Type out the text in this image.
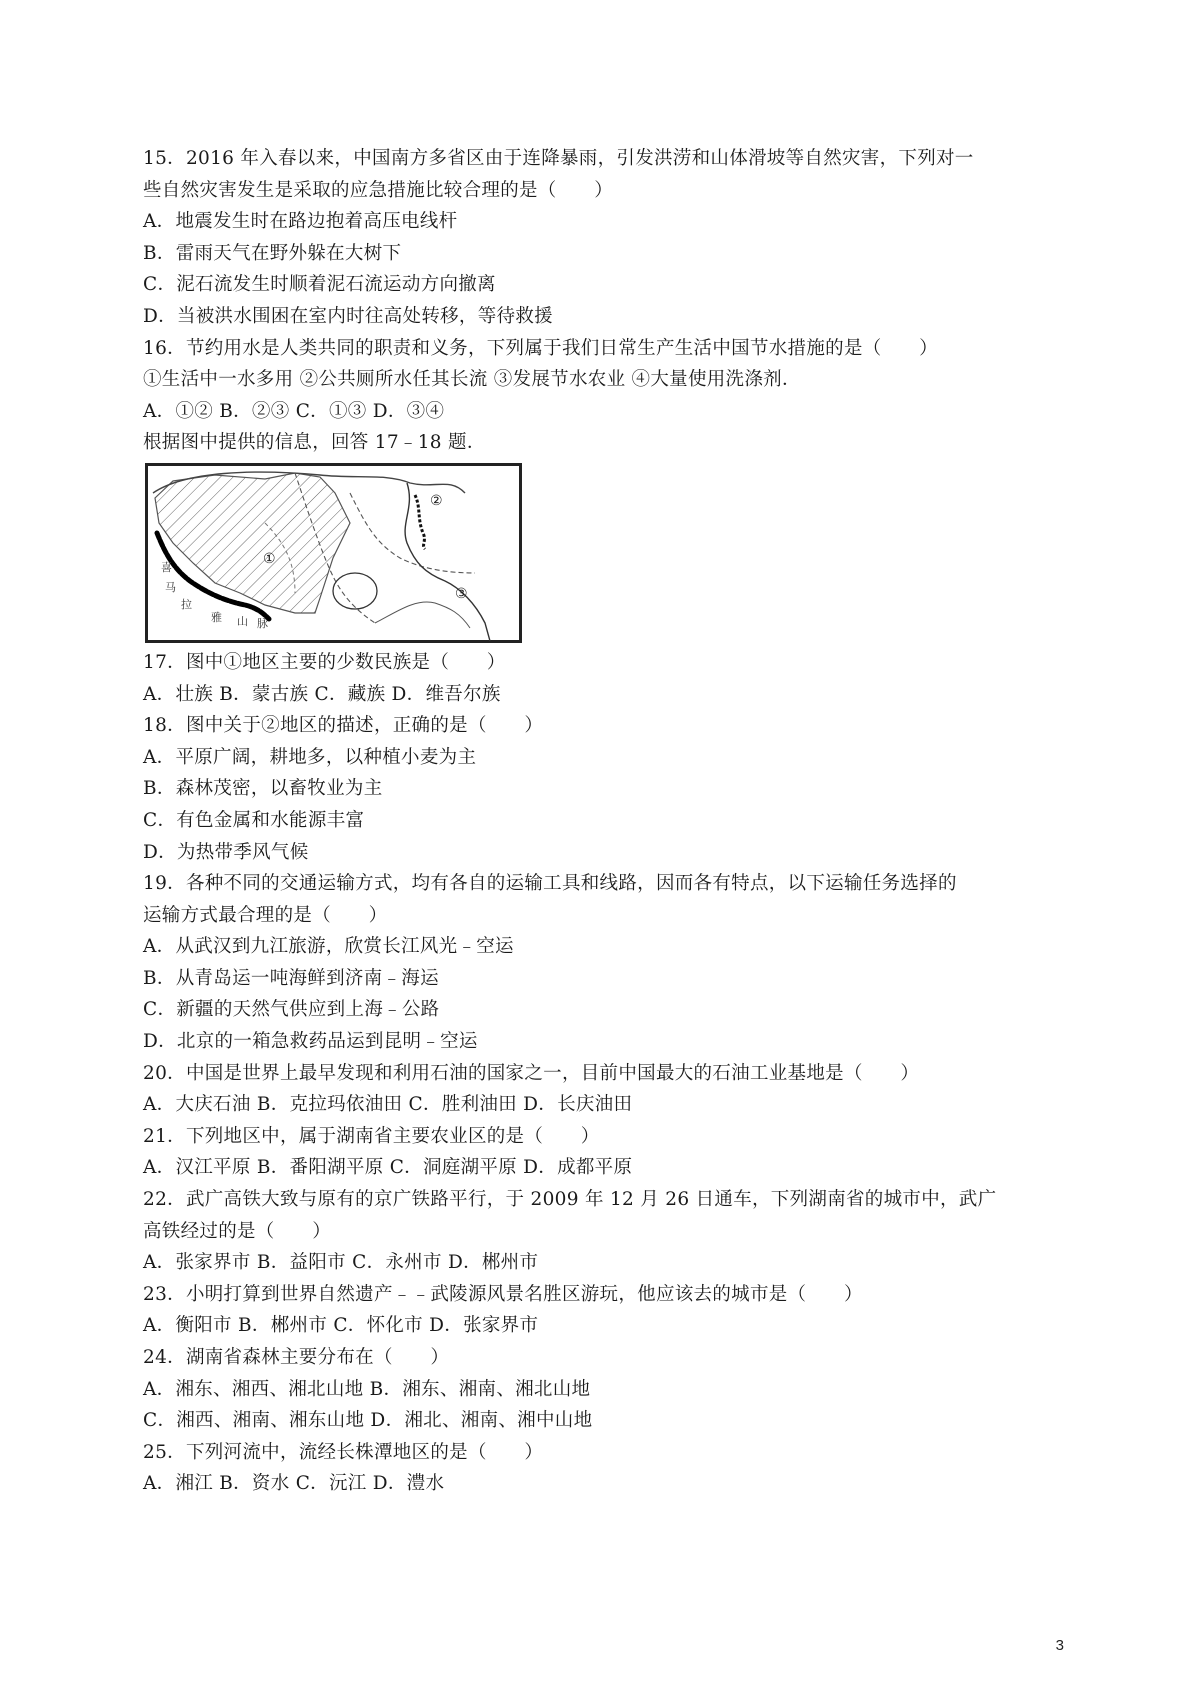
15．2016 年入春以来，中国南方多省区由于连降暴雨，引发洪涝和山体滑坡等自然灾害，下列对一
些自然灾害发生是采取的应急措施比较合理的是（　　）
A．地震发生时在路边抱着高压电线杆
B．雷雨天气在野外躲在大树下
C．泥石流发生时顺着泥石流运动方向撤离
D．当被洪水围困在室内时往高处转移，等待救援
16．节约用水是人类共同的职责和义务，下列属于我们日常生产生活中国节水措施的是（　　）
①生活中一水多用 ②公共厕所水任其长流 ③发展节水农业 ④大量使用洗涤剂．
A．①② B．②③ C．①③ D．③④
根据图中提供的信息，回答 17﹣18 题．
①
②
③
喜
马
拉
雅 山 脉
17．图中①地区主要的少数民族是（　　）
A．壮族 B．蒙古族 C．藏族 D．维吾尔族
18．图中关于②地区的描述，正确的是（　　）
A．平原广阔，耕地多，以种植小麦为主
B．森林茂密，以畜牧业为主
C．有色金属和水能源丰富
D．为热带季风气候
19．各种不同的交通运输方式，均有各自的运输工具和线路，因而各有特点，以下运输任务选择的
运输方式最合理的是（　　）
A．从武汉到九江旅游，欣赏长江风光﹣空运
B．从青岛运一吨海鲜到济南﹣海运
C．新疆的天然气供应到上海﹣公路
D．北京的一箱急救药品运到昆明﹣空运
20．中国是世界上最早发现和利用石油的国家之一，目前中国最大的石油工业基地是（　　）
A．大庆石油 B．克拉玛依油田 C．胜利油田 D．长庆油田
21．下列地区中，属于湖南省主要农业区的是（　　）
A．汉江平原 B．番阳湖平原 C．洞庭湖平原 D．成都平原
22．武广高铁大致与原有的京广铁路平行，于 2009 年 12 月 26 日通车，下列湖南省的城市中，武广
高铁经过的是（　　）
A．张家界市 B．益阳市 C．永州市 D．郴州市
23．小明打算到世界自然遗产﹣﹣武陵源风景名胜区游玩，他应该去的城市是（　　）
A．衡阳市 B．郴州市 C．怀化市 D．张家界市
24．湖南省森林主要分布在（　　）
A．湘东、湘西、湘北山地 B．湘东、湘南、湘北山地
C．湘西、湘南、湘东山地 D．湘北、湘南、湘中山地
25．下列河流中，流经长株潭地区的是（　　）
A．湘江 B．资水 C．沅江 D．澧水
3
